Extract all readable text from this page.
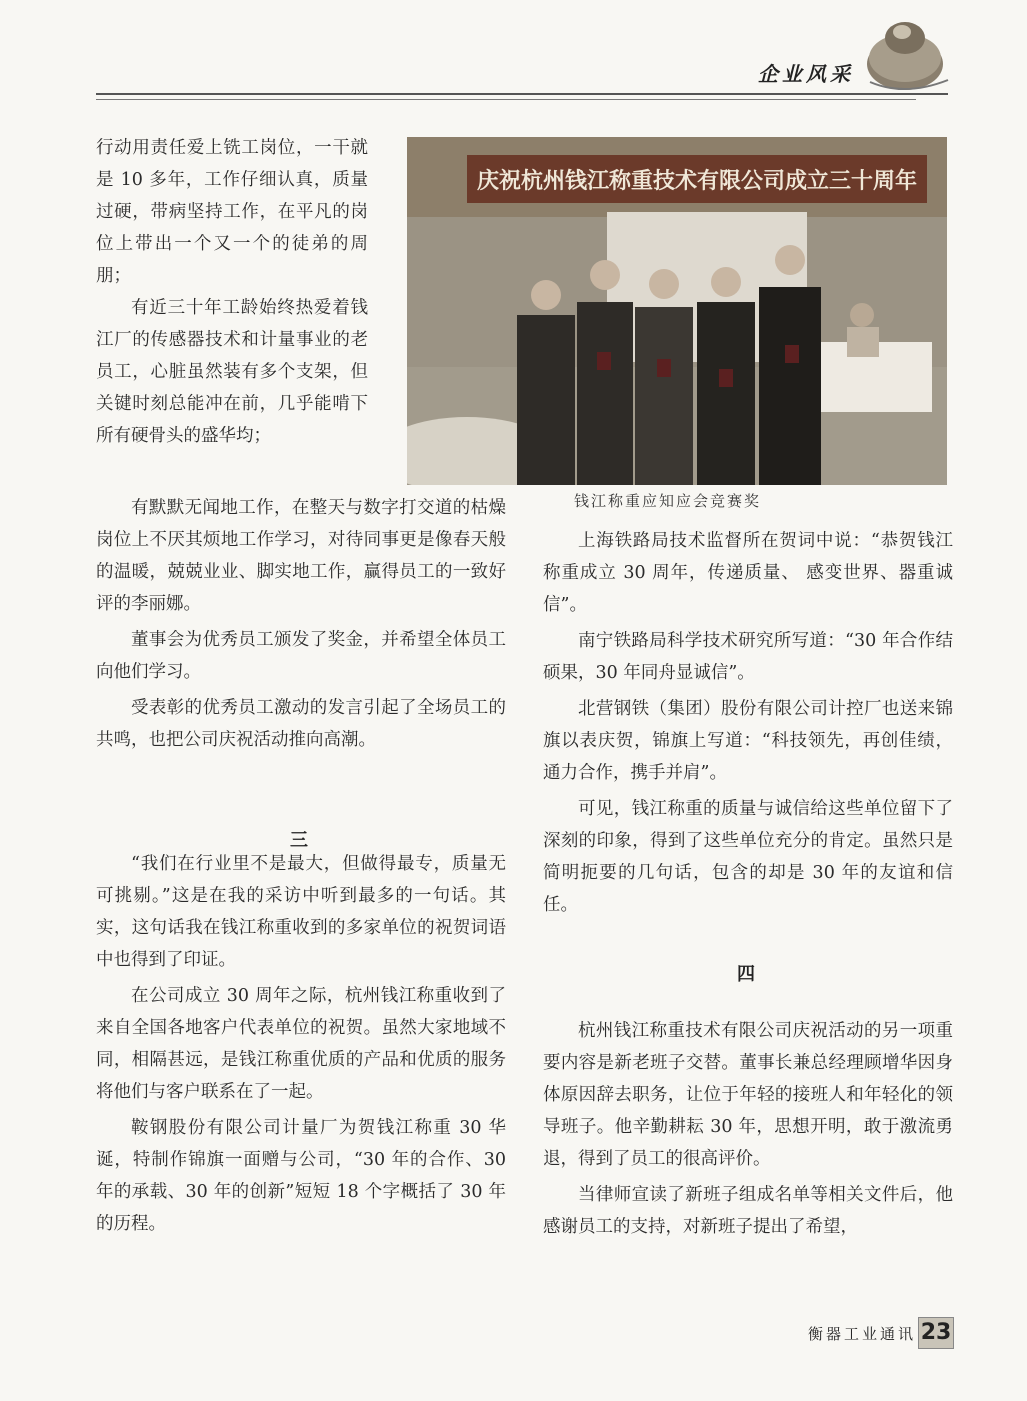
企业风采

行动用责任爱上铣工岗位，一干就是 10 多年，工作仔细认真，质量过硬，带病坚持工作，在平凡的岗位上带出一个又一个的徒弟的周朋；

有近三十年工龄始终热爱着钱江厂的传感器技术和计量事业的老员工，心脏虽然装有多个支架，但关键时刻总能冲在前，几乎能啃下所有硬骨头的盛华均；

庆祝杭州钱江称重技术有限公司成立三十周年
钱江称重应知应会竞赛奖

有默默无闻地工作，在整天与数字打交道的枯燥岗位上不厌其烦地工作学习，对待同事更是像春天般的温暖，兢兢业业、脚实地工作，赢得员工的一致好评的李丽娜。

董事会为优秀员工颁发了奖金，并希望全体员工向他们学习。

受表彰的优秀员工激动的发言引起了全场员工的共鸣，也把公司庆祝活动推向高潮。

“我们在行业里不是最大，但做得最专，质量无可挑剔。”这是在我的采访中听到最多的一句话。其实，这句话我在钱江称重收到的多家单位的祝贺词语中也得到了印证。

在公司成立 30 周年之际，杭州钱江称重收到了来自全国各地客户代表单位的祝贺。虽然大家地域不同，相隔甚远，是钱江称重优质的产品和优质的服务将他们与客户联系在了一起。

鞍钢股份有限公司计量厂为贺钱江称重 30 华诞，特制作锦旗一面赠与公司，“30 年的合作、30 年的承载、30 年的创新”短短 18 个字概括了 30 年的历程。

三

上海铁路局技术监督所在贺词中说：“恭贺钱江称重成立 30 周年，传递质量、 感变世界、器重诚信”。

南宁铁路局科学技术研究所写道：“30 年合作结硕果，30 年同舟显诚信”。

北营钢铁（集团）股份有限公司计控厂也送来锦旗以表庆贺，锦旗上写道：“科技领先，再创佳绩，通力合作，携手并肩”。

可见，钱江称重的质量与诚信给这些单位留下了深刻的印象，得到了这些单位充分的肯定。虽然只是简明扼要的几句话，包含的却是 30 年的友谊和信任。

杭州钱江称重技术有限公司庆祝活动的另一项重要内容是新老班子交替。董事长兼总经理顾增华因身体原因辞去职务，让位于年轻的接班人和年轻化的领导班子。他辛勤耕耘 30 年，思想开明，敢于激流勇退，得到了员工的很高评价。

当律师宣读了新班子组成名单等相关文件后，他感谢员工的支持，对新班子提出了希望，

四
衡器工业通讯 23
